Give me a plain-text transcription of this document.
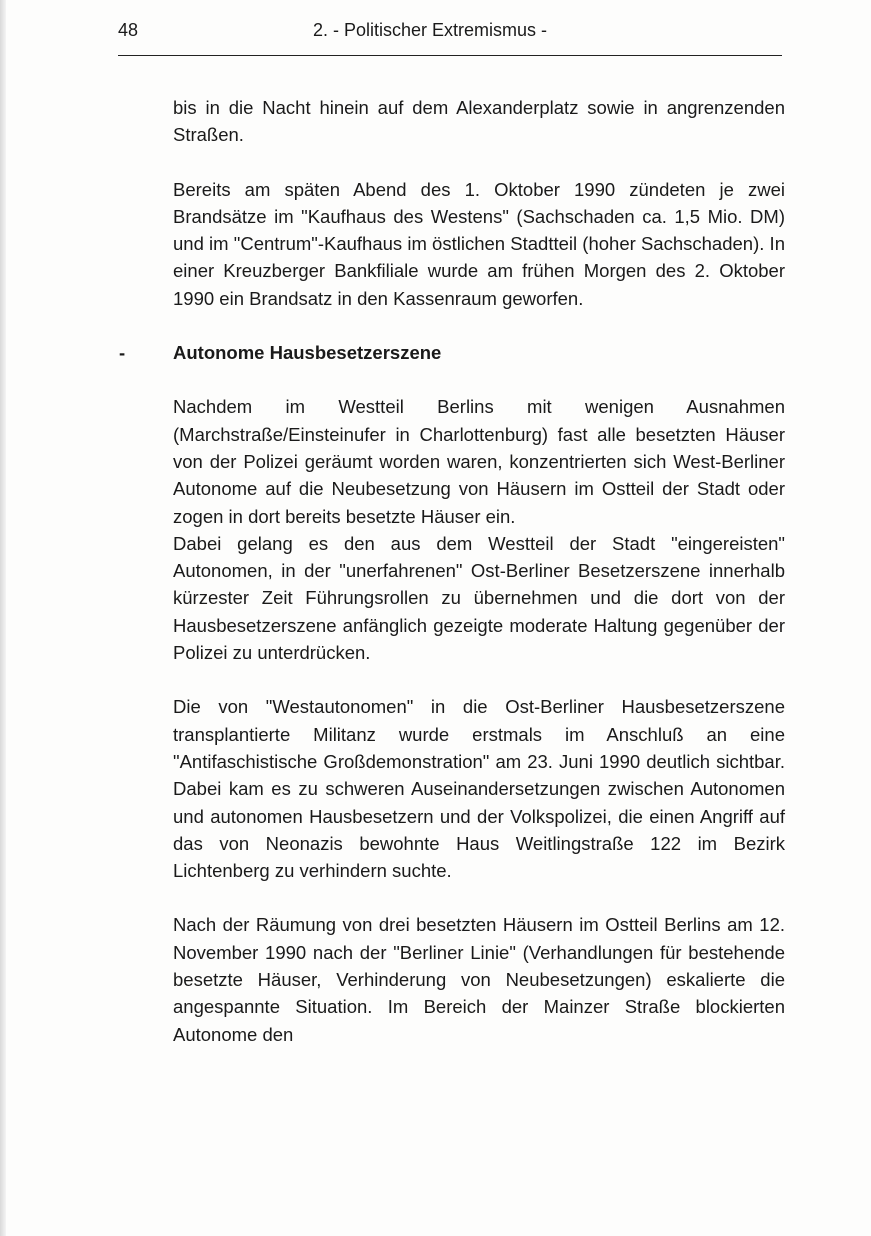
48	2. - Politischer Extremismus -

bis in die Nacht hinein auf dem Alexanderplatz sowie in angrenzenden Straßen.

Bereits am späten Abend des 1. Oktober 1990 zündeten je zwei Brandsätze im "Kaufhaus des Westens" (Sachschaden ca. 1,5 Mio. DM) und im "Centrum"-Kaufhaus im östlichen Stadtteil (hoher Sachschaden). In einer Kreuzberger Bankfiliale wurde am frühen Morgen des 2. Oktober 1990 ein Brandsatz in den Kassenraum geworfen.

-	Autonome Hausbesetzerszene

Nachdem im Westteil Berlins mit wenigen Ausnahmen (Marchstraße/Einsteinufer in Charlottenburg) fast alle besetzten Häuser von der Polizei geräumt worden waren, konzentrierten sich West-Berliner Autonome auf die Neubesetzung von Häusern im Ostteil der Stadt oder zogen in dort bereits besetzte Häuser ein.

Dabei gelang es den aus dem Westteil der Stadt "eingereisten" Autonomen, in der "unerfahrenen" Ost-Berliner Besetzerszene innerhalb kürzester Zeit Führungsrollen zu übernehmen und die dort von der Hausbesetzerszene anfänglich gezeigte moderate Haltung gegenüber der Polizei zu unterdrücken.

Die von "Westautonomen" in die Ost-Berliner Hausbesetzerszene transplantierte Militanz wurde erstmals im Anschluß an eine "Antifaschistische Großdemonstration" am 23. Juni 1990 deutlich sichtbar. Dabei kam es zu schweren Auseinandersetzungen zwischen Autonomen und autonomen Hausbesetzern und der Volkspolizei, die einen Angriff auf das von Neonazis bewohnte Haus Weitlingstraße 122 im Bezirk Lichtenberg zu verhindern suchte.

Nach der Räumung von drei besetzten Häusern im Ostteil Berlins am 12. November 1990 nach der "Berliner Linie" (Verhandlungen für bestehende besetzte Häuser, Verhinderung von Neubesetzungen) eskalierte die angespannte Situation. Im Bereich der Mainzer Straße blockierten Autonome den
